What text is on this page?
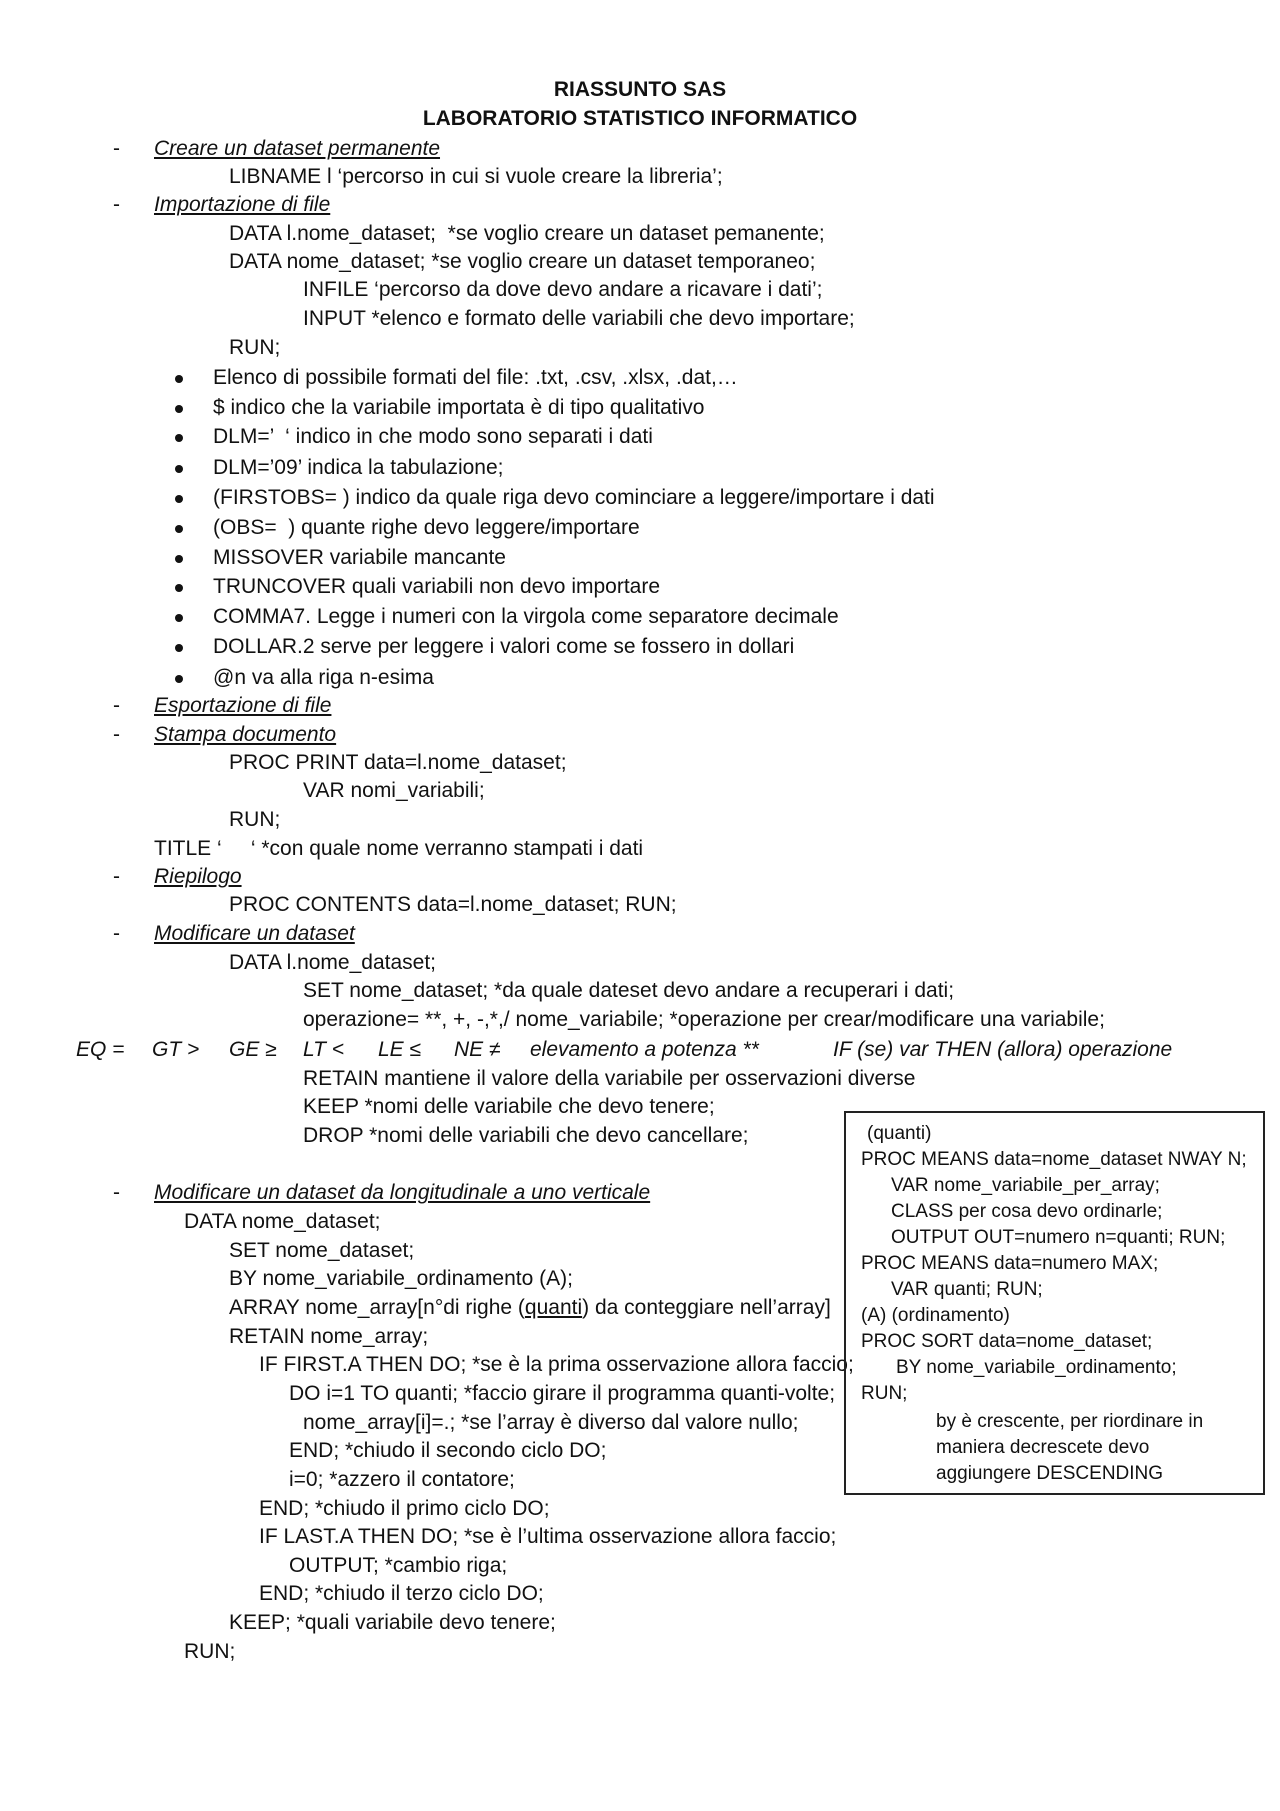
RIASSUNTO SAS
LABORATORIO STATISTICO INFORMATICO
-	Creare un dataset permanente
LIBNAME l ‘percorso in cui si vuole creare la libreria’;
-	Importazione di file
DATA l.nome_dataset;  *se voglio creare un dataset pemanente;
DATA nome_dataset; *se voglio creare un dataset temporaneo;
INFILE ‘percorso da dove devo andare a ricavare i dati’;
INPUT *elenco e formato delle variabili che devo importare;
RUN;
Elenco di possibile formati del file: .txt, .csv, .xlsx, .dat,…
$ indico che la variabile importata è di tipo qualitativo
DLM=’  ‘ indico in che modo sono separati i dati
DLM=’09’ indica la tabulazione;
(FIRSTOBS= ) indico da quale riga devo cominciare a leggere/importare i dati
(OBS=  ) quante righe devo leggere/importare
MISSOVER variabile mancante
TRUNCOVER quali variabili non devo importare
COMMA7. Legge i numeri con la virgola come separatore decimale
DOLLAR.2 serve per leggere i valori come se fossero in dollari
@n va alla riga n-esima
-	Esportazione di file
-	Stampa documento
PROC PRINT data=l.nome_dataset;
VAR nomi_variabili;
RUN;
TITLE ‘     ‘ *con quale nome verranno stampati i dati
-	Riepilogo
PROC CONTENTS data=l.nome_dataset; RUN;
-	Modificare un dataset
DATA l.nome_dataset;
SET nome_dataset; *da quale dateset devo andare a recuperari i dati;
operazione= **, +, -,*,/ nome_variabile; *operazione per crear/modificare una variabile;
EQ = GT > GE ≥ LT < LE ≤ NE ≠ elevamento a potenza **	IF (se) var THEN (allora) operazione
RETAIN mantiene il valore della variabile per osservazioni diverse
KEEP *nomi delle variabile che devo tenere;
DROP *nomi delle variabili che devo cancellare;
-	Modificare un dataset da longitudinale a uno verticale
DATA nome_dataset;
SET nome_dataset;
BY nome_variabile_ordinamento (A);
ARRAY nome_array[n°di righe (quanti) da conteggiare nell’array]
RETAIN nome_array;
IF FIRST.A THEN DO; *se è la prima osservazione allora faccio;
DO i=1 TO quanti; *faccio girare il programma quanti-volte;
nome_array[i]=.; *se l’array è diverso dal valore nullo;
END; *chiudo il secondo ciclo DO;
i=0; *azzero il contatore;
END; *chiudo il primo ciclo DO;
IF LAST.A THEN DO; *se è l’ultima osservazione allora faccio;
OUTPUT; *cambio riga;
END; *chiudo il terzo ciclo DO;
KEEP; *quali variabile devo tenere;
RUN;
(quanti)
PROC MEANS data=nome_dataset NWAY N;
VAR nome_variabile_per_array;
CLASS per cosa devo ordinarle;
OUTPUT OUT=numero n=quanti; RUN;
PROC MEANS data=numero MAX;
VAR quanti; RUN;
(A) (ordinamento)
PROC SORT data=nome_dataset;
BY nome_variabile_ordinamento;
RUN;
by è crescente, per riordinare in
maniera decrescete devo
aggiungere DESCENDING
